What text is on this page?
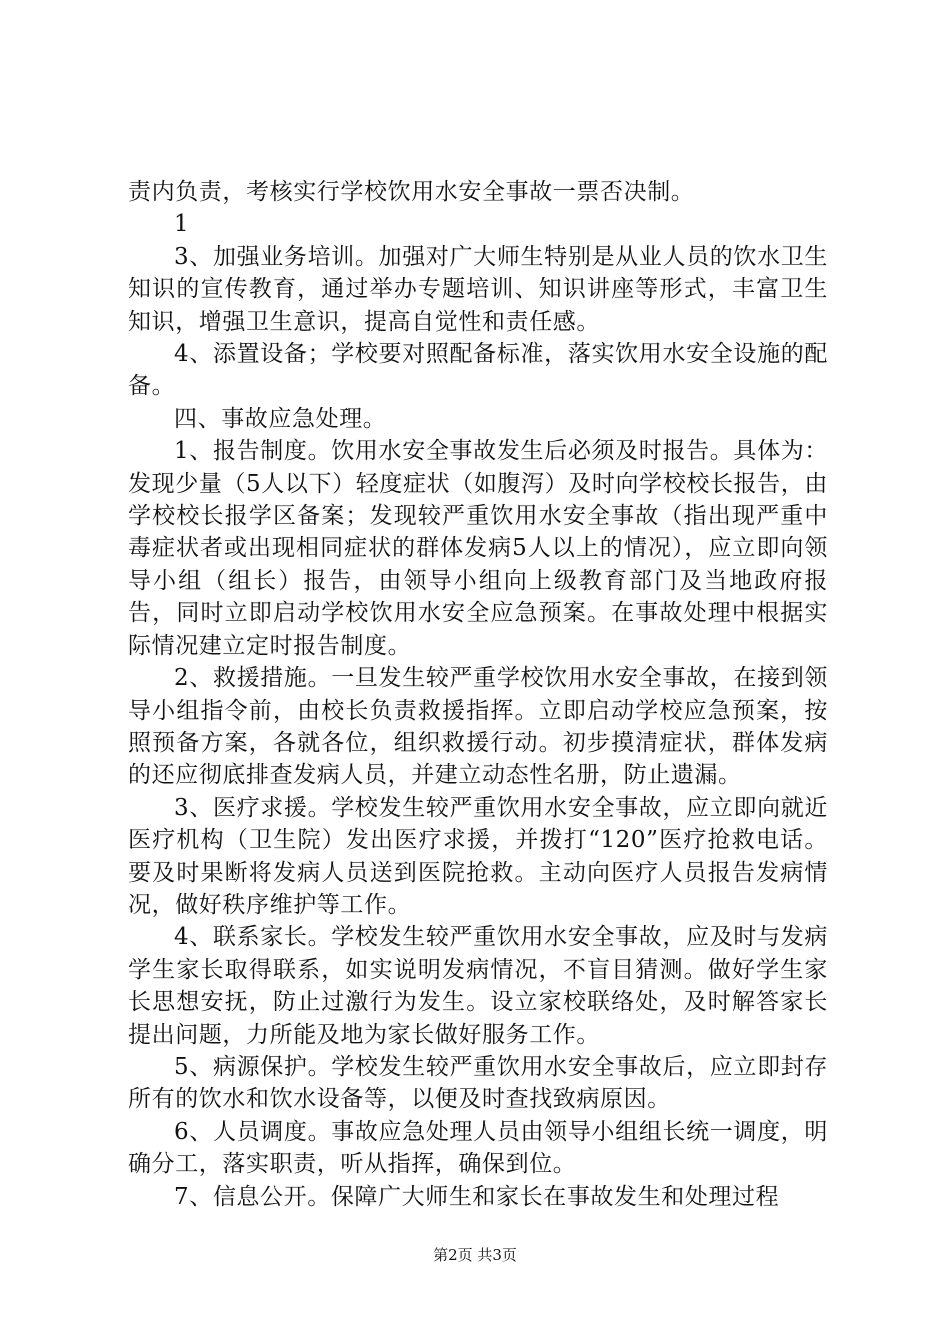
责内负责，考核实行学校饮用水安全事故一票否决制。

1

3、加强业务培训。加强对广大师生特别是从业人员的饮水卫生知识的宣传教育，通过举办专题培训、知识讲座等形式，丰富卫生知识，增强卫生意识，提高自觉性和责任感。

4、添置设备；学校要对照配备标准，落实饮用水安全设施的配备。

四、事故应急处理。

1、报告制度。饮用水安全事故发生后必须及时报告。具体为：发现少量（5人以下）轻度症状（如腹泻）及时向学校校长报告，由学校校长报学区备案；发现较严重饮用水安全事故（指出现严重中毒症状者或出现相同症状的群体发病5人以上的情况），应立即向领导小组（组长）报告，由领导小组向上级教育部门及当地政府报告，同时立即启动学校饮用水安全应急预案。在事故处理中根据实际情况建立定时报告制度。

2、救援措施。一旦发生较严重学校饮用水安全事故，在接到领导小组指令前，由校长负责救援指挥。立即启动学校应急预案，按照预备方案，各就各位，组织救援行动。初步摸清症状，群体发病的还应彻底排查发病人员，并建立动态性名册，防止遗漏。

3、医疗求援。学校发生较严重饮用水安全事故，应立即向就近医疗机构（卫生院）发出医疗求援，并拨打“120”医疗抢救电话。要及时果断将发病人员送到医院抢救。主动向医疗人员报告发病情况，做好秩序维护等工作。

4、联系家长。学校发生较严重饮用水安全事故，应及时与发病学生家长取得联系，如实说明发病情况，不盲目猜测。做好学生家长思想安抚，防止过激行为发生。设立家校联络处，及时解答家长提出问题，力所能及地为家长做好服务工作。

5、病源保护。学校发生较严重饮用水安全事故后，应立即封存所有的饮水和饮水设备等，以便及时查找致病原因。

6、人员调度。事故应急处理人员由领导小组组长统一调度，明确分工，落实职责，听从指挥，确保到位。

7、信息公开。保障广大师生和家长在事故发生和处理过程

第2页 共3页
